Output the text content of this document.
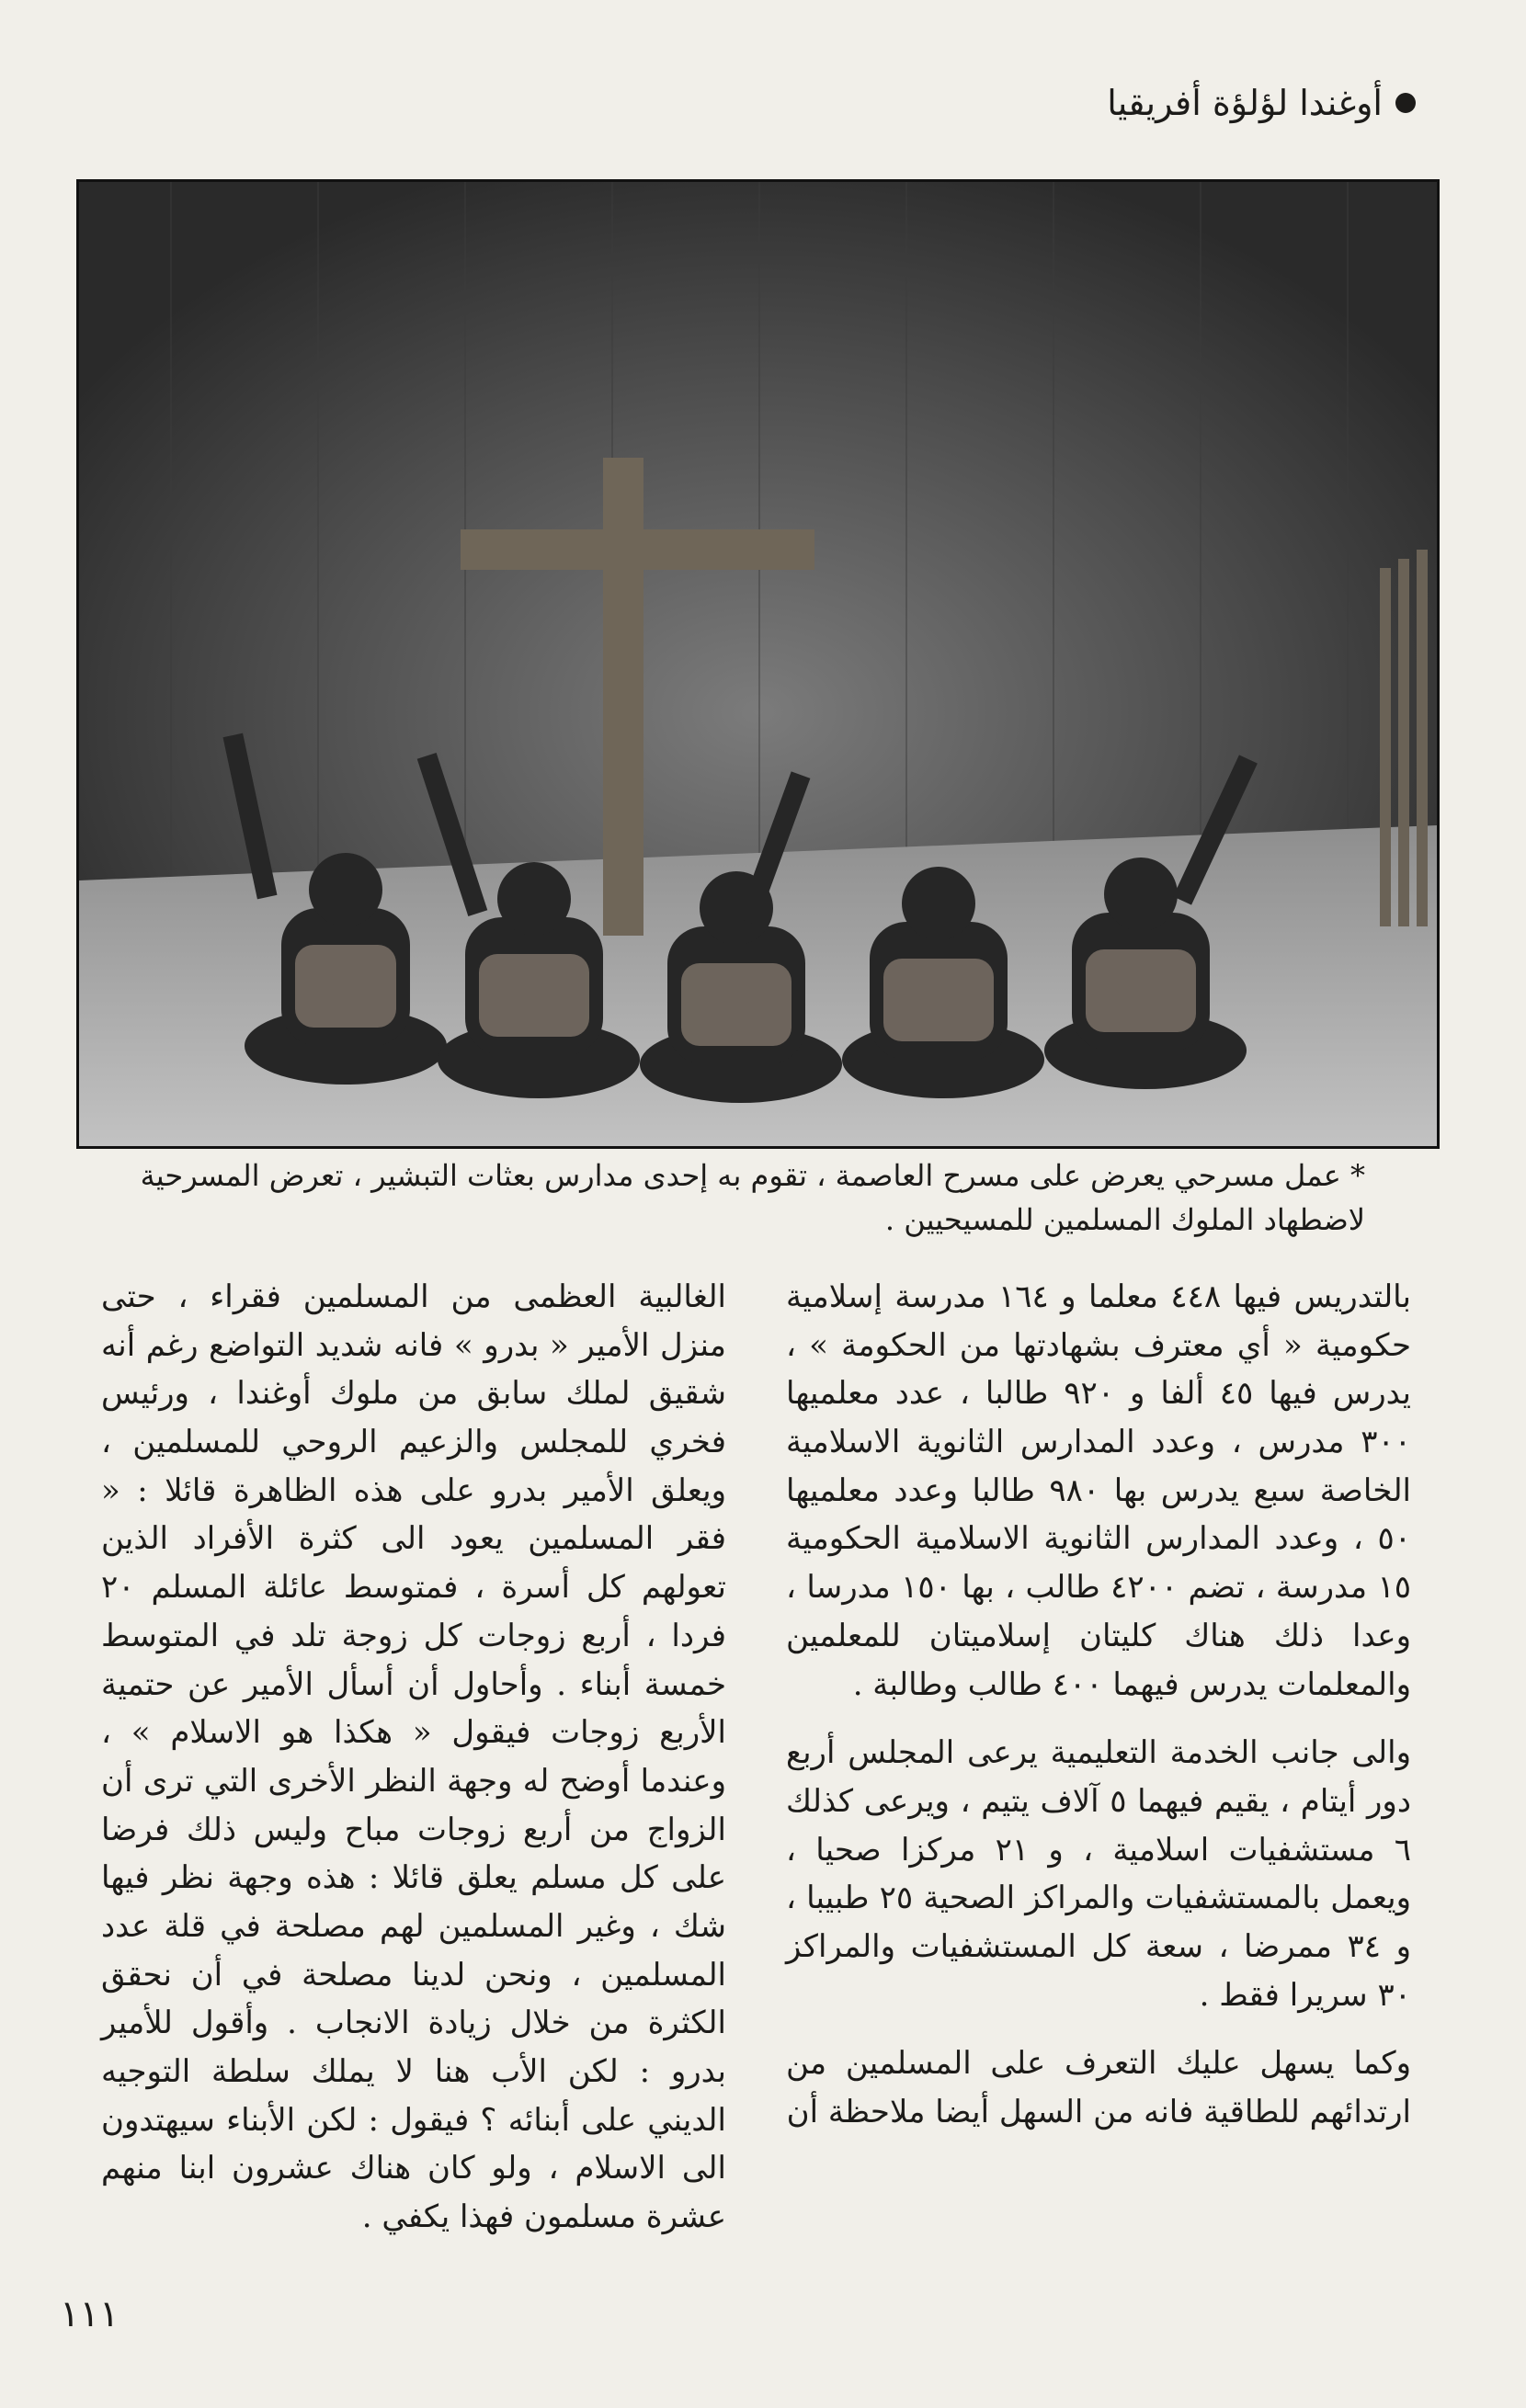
أوغندا لؤلؤة أفريقيا

* عمل مسرحي يعرض على مسرح العاصمة ، تقوم به إحدى مدارس بعثات التبشير ، تعرض المسرحية

لاضطهاد الملوك المسلمين للمسيحيين .

بالتدريس فيها ٤٤٨ معلما و ١٦٤ مدرسة إسلامية حكومية « أي معترف بشهادتها من الحكومة » ، يدرس فيها ٤٥ ألفا و ٩٢٠ طالبا ، عدد معلميها ٣٠٠ مدرس ، وعدد المدارس الثانوية الاسلامية الخاصة سبع يدرس بها ٩٨٠ طالبا وعدد معلميها ٥٠ ، وعدد المدارس الثانوية الاسلامية الحكومية ١٥ مدرسة ، تضم ٤٢٠٠ طالب ، بها ١٥٠ مدرسا ، وعدا ذلك هناك كليتان إسلاميتان للمعلمين والمعلمات يدرس فيهما ٤٠٠ طالب وطالبة .

والى جانب الخدمة التعليمية يرعى المجلس أربع دور أيتام ، يقيم فيهما ٥ آلاف يتيم ، ويرعى كذلك ٦ مستشفيات اسلامية ، و ٢١ مركزا صحيا ، ويعمل بالمستشفيات والمراكز الصحية ٢٥ طبيبا ، و ٣٤ ممرضا ، سعة كل المستشفيات والمراكز ٣٠ سريرا فقط .

وكما يسهل عليك التعرف على المسلمين من ارتدائهم للطاقية فانه من السهل أيضا ملاحظة أن

الغالبية العظمى من المسلمين فقراء ، حتى منزل الأمير « بدرو » فانه شديد التواضع رغم أنه شقيق لملك سابق من ملوك أوغندا ، ورئيس فخري للمجلس والزعيم الروحي للمسلمين ، ويعلق الأمير بدرو على هذه الظاهرة قائلا : « فقر المسلمين يعود الى كثرة الأفراد الذين تعولهم كل أسرة ، فمتوسط عائلة المسلم ٢٠ فردا ، أربع زوجات كل زوجة تلد في المتوسط خمسة أبناء . وأحاول أن أسأل الأمير عن حتمية الأربع زوجات فيقول « هكذا هو الاسلام » ، وعندما أوضح له وجهة النظر الأخرى التي ترى أن الزواج من أربع زوجات مباح وليس ذلك فرضا على كل مسلم يعلق قائلا : هذه وجهة نظر فيها شك ، وغير المسلمين لهم مصلحة في قلة عدد المسلمين ، ونحن لدينا مصلحة في أن نحقق الكثرة من خلال زيادة الانجاب . وأقول للأمير بدرو : لكن الأب هنا لا يملك سلطة التوجيه الديني على أبنائه ؟ فيقول : لكن الأبناء سيهتدون الى الاسلام ، ولو كان هناك عشرون ابنا منهم عشرة مسلمون فهذا يكفي .

١١١
